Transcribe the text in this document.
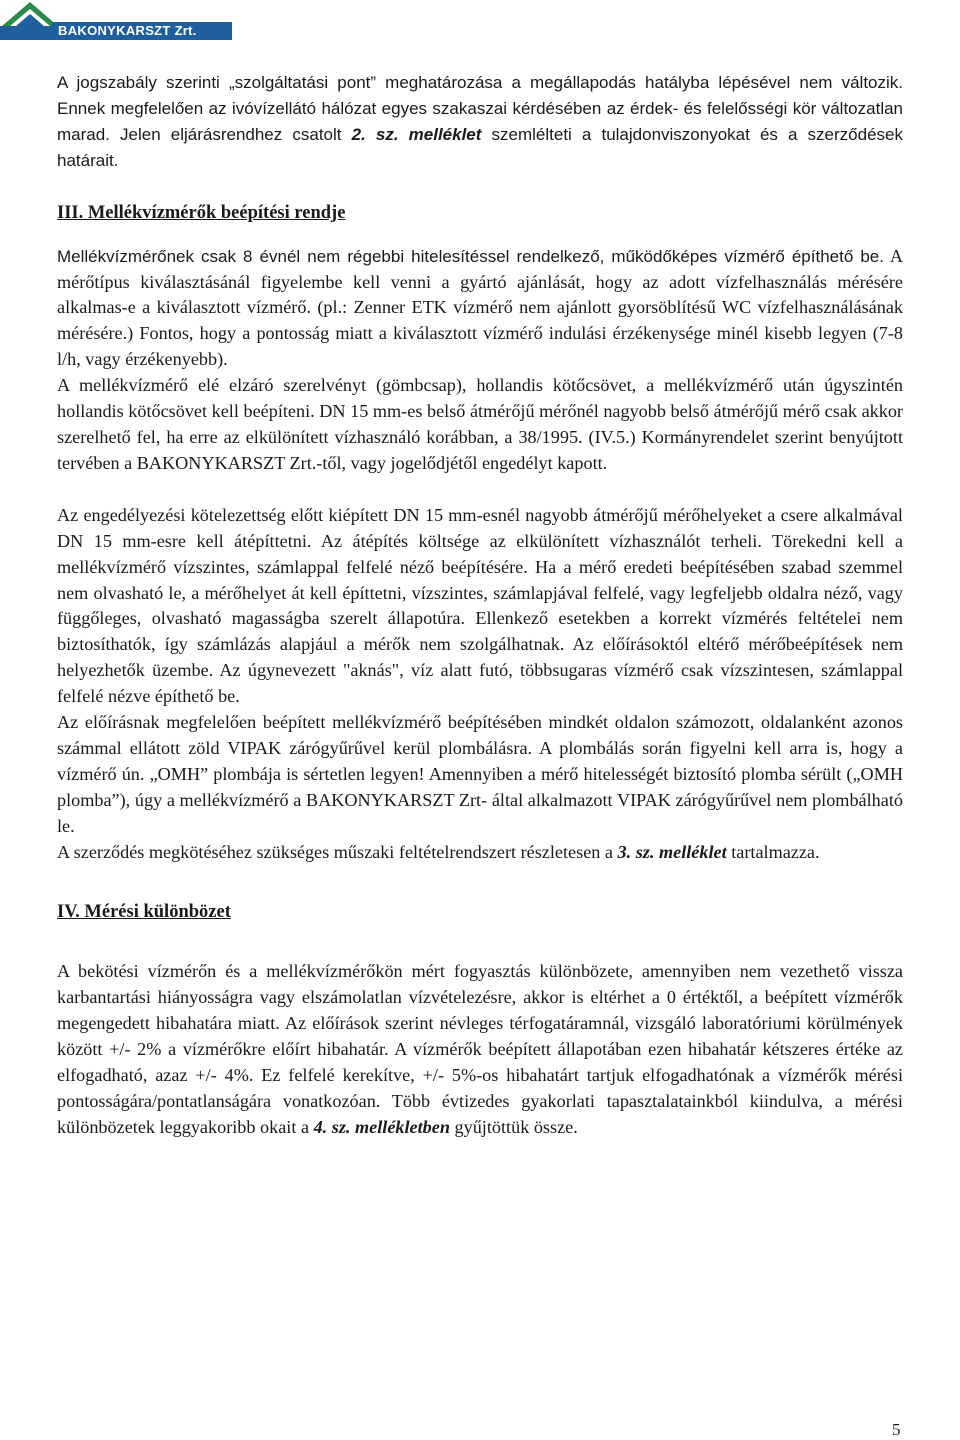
BAKONYKARSZT Zrt.

A jogszabály szerinti „szolgáltatási pont” meghatározása a megállapodás hatályba lépésével nem változik. Ennek megfelelően az ivóvízellátó hálózat egyes szakaszai kérdésében az érdek- és felelősségi kör változatlan marad. Jelen eljárásrendhez csatolt 2. sz. melléklet szemlélteti a tulajdonviszonyokat és a szerződések határait.

III. Mellékvízmérők beépítési rendje

Mellékvízmérőnek csak 8 évnél nem régebbi hitelesítéssel rendelkező, működőképes vízmérő építhető be. A mérőtípus kiválasztásánál figyelembe kell venni a gyártó ajánlását, hogy az adott vízfelhasználás mérésére alkalmas-e a kiválasztott vízmérő. (pl.: Zenner ETK vízmérő nem ajánlott gyorsöblítésű WC vízfelhasználásának mérésére.) Fontos, hogy a pontosság miatt a kiválasztott vízmérő indulási érzékenysége minél kisebb legyen (7-8 l/h, vagy érzékenyebb).

A mellékvízmérő elé elzáró szerelvényt (gömbcsap), hollandis kötőcsövet, a mellékvízmérő után úgyszintén hollandis kötőcsövet kell beépíteni. DN 15 mm-es belső átmérőjű mérőnél nagyobb belső átmérőjű mérő csak akkor szerelhető fel, ha erre az elkülönített vízhasználó korábban, a 38/1995. (IV.5.) Kormányrendelet szerint benyújtott tervében a BAKONYKARSZT Zrt.-től, vagy jogelődjétől engedélyt kapott.

Az engedélyezési kötelezettség előtt kiépített DN 15 mm-esnél nagyobb átmérőjű mérőhelyeket a csere alkalmával DN 15 mm-esre kell átépíttetni. Az átépítés költsége az elkülönített vízhasználót terheli. Törekedni kell a mellékvízmérő vízszintes, számlappal felfelé néző beépítésére. Ha a mérő eredeti beépítésében szabad szemmel nem olvasható le, a mérőhelyet át kell építtetni, vízszintes, számlapjával felfelé, vagy legfeljebb oldalra néző, vagy függőleges, olvasható magasságba szerelt állapotúra. Ellenkező esetekben a korrekt vízmérés feltételei nem biztosíthatók, így számlázás alapjául a mérők nem szolgálhatnak. Az előírásoktól eltérő mérőbeépítések nem helyezhetők üzembe. Az úgynevezett "aknás", víz alatt futó, többsugaras vízmérő csak vízszintesen, számlappal felfelé nézve építhető be.

Az előírásnak megfelelően beépített mellékvízmérő beépítésében mindkét oldalon számozott, oldalanként azonos számmal ellátott zöld VIPAK zárógyűrűvel kerül plombálásra. A plombálás során figyelni kell arra is, hogy a vízmérő ún. „OMH” plombája is sértetlen legyen! Amennyiben a mérő hitelességét biztosító plomba sérült („OMH plomba”), úgy a mellékvízmérő a BAKONYKARSZT Zrt- által alkalmazott VIPAK zárógyűrűvel nem plombálható le.

A szerződés megkötéséhez szükséges műszaki feltételrendszert részletesen a 3. sz. melléklet tartalmazza.

IV. Mérési különbözet

A bekötési vízmérőn és a mellékvízmérőkön mért fogyasztás különbözete, amennyiben nem vezethető vissza karbantartási hiányosságra vagy elszámolatlan vízvételezésre, akkor is eltérhet a 0 értéktől, a beépített vízmérők megengedett hibahatára miatt. Az előírások szerint névleges térfogatáramnál, vizsgáló laboratóriumi körülmények között +/- 2% a vízmérőkre előírt hibahatár. A vízmérők beépített állapotában ezen hibahatár kétszeres értéke az elfogadható, azaz +/- 4%. Ez felfelé kerekítve, +/- 5%-os hibahatárt tartjuk elfogadhatónak a vízmérők mérési pontosságára/pontatlanságára vonatkozóan. Több évtizedes gyakorlati tapasztalatainkból kiindulva, a mérési különbözetek leggyakoribb okait a 4. sz. mellékletben gyűjtöttük össze.

5
